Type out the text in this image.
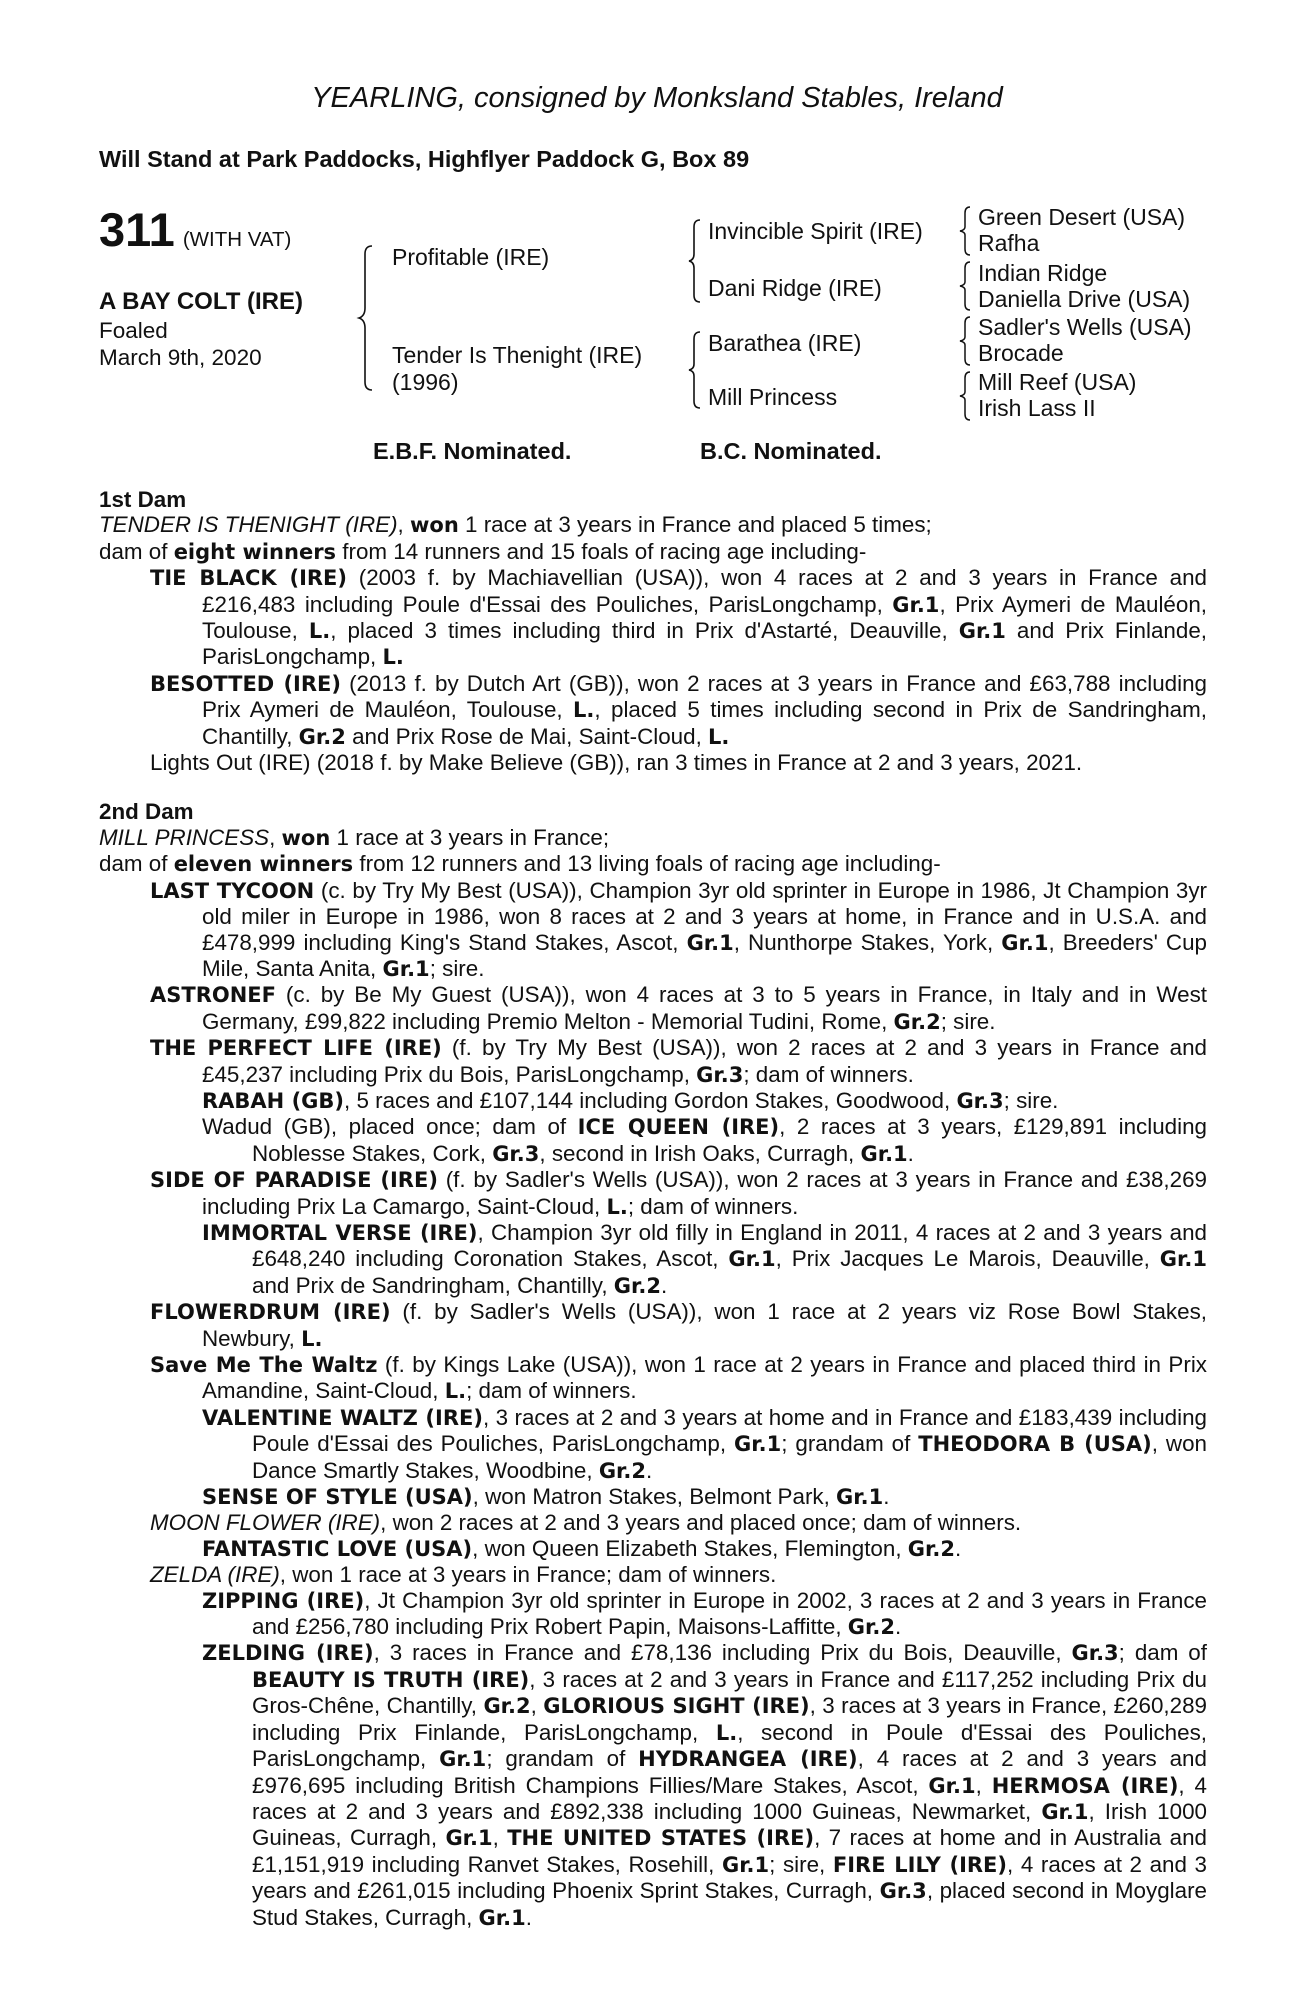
YEARLING, consigned by Monksland Stables, Ireland
Will Stand at Park Paddocks, Highflyer Paddock G, Box 89
311 (WITH VAT)
A BAY COLT (IRE)
Foaled
March 9th, 2020
Profitable (IRE)
Tender Is Thenight (IRE)
(1996)
Invincible Spirit (IRE)
Dani Ridge (IRE)
Barathea (IRE)
Mill Princess
Green Desert (USA)
Rafha
Indian Ridge
Daniella Drive (USA)
Sadler's Wells (USA)
Brocade
Mill Reef (USA)
Irish Lass II
E.B.F. Nominated.	B.C. Nominated.

1st Dam

TENDER IS THENIGHT (IRE), won 1 race at 3 years in France and placed 5 times;

dam of eight winners from 14 runners and 15 foals of racing age including-

TIE BLACK (IRE) (2003 f. by Machiavellian (USA)), won 4 races at 2 and 3 years in France and £216,483 including Poule d'Essai des Pouliches, ParisLongchamp, Gr.1, Prix Aymeri de Mauléon, Toulouse, L., placed 3 times including third in Prix d'Astarté, Deauville, Gr.1 and Prix Finlande, ParisLongchamp, L.

BESOTTED (IRE) (2013 f. by Dutch Art (GB)), won 2 races at 3 years in France and £63,788 including Prix Aymeri de Mauléon, Toulouse, L., placed 5 times including second in Prix de Sandringham, Chantilly, Gr.2 and Prix Rose de Mai, Saint-Cloud, L.

Lights Out (IRE) (2018 f. by Make Believe (GB)), ran 3 times in France at 2 and 3 years, 2021.

2nd Dam

MILL PRINCESS, won 1 race at 3 years in France;

dam of eleven winners from 12 runners and 13 living foals of racing age including-

LAST TYCOON (c. by Try My Best (USA)), Champion 3yr old sprinter in Europe in 1986, Jt Champion 3yr old miler in Europe in 1986, won 8 races at 2 and 3 years at home, in France and in U.S.A. and £478,999 including King's Stand Stakes, Ascot, Gr.1, Nunthorpe Stakes, York, Gr.1, Breeders' Cup Mile, Santa Anita, Gr.1; sire.

ASTRONEF (c. by Be My Guest (USA)), won 4 races at 3 to 5 years in France, in Italy and in West Germany, £99,822 including Premio Melton - Memorial Tudini, Rome, Gr.2; sire.

THE PERFECT LIFE (IRE) (f. by Try My Best (USA)), won 2 races at 2 and 3 years in France and £45,237 including Prix du Bois, ParisLongchamp, Gr.3; dam of winners.

RABAH (GB), 5 races and £107,144 including Gordon Stakes, Goodwood, Gr.3; sire.

Wadud (GB), placed once; dam of ICE QUEEN (IRE), 2 races at 3 years, £129,891 including Noblesse Stakes, Cork, Gr.3, second in Irish Oaks, Curragh, Gr.1.

SIDE OF PARADISE (IRE) (f. by Sadler's Wells (USA)), won 2 races at 3 years in France and £38,269 including Prix La Camargo, Saint-Cloud, L.; dam of winners.

IMMORTAL VERSE (IRE), Champion 3yr old filly in England in 2011, 4 races at 2 and 3 years and £648,240 including Coronation Stakes, Ascot, Gr.1, Prix Jacques Le Marois, Deauville, Gr.1 and Prix de Sandringham, Chantilly, Gr.2.

FLOWERDRUM (IRE) (f. by Sadler's Wells (USA)), won 1 race at 2 years viz Rose Bowl Stakes, Newbury, L.

Save Me The Waltz (f. by Kings Lake (USA)), won 1 race at 2 years in France and placed third in Prix Amandine, Saint-Cloud, L.; dam of winners.

VALENTINE WALTZ (IRE), 3 races at 2 and 3 years at home and in France and £183,439 including Poule d'Essai des Pouliches, ParisLongchamp, Gr.1; grandam of THEODORA B (USA), won Dance Smartly Stakes, Woodbine, Gr.2.

SENSE OF STYLE (USA), won Matron Stakes, Belmont Park, Gr.1.

MOON FLOWER (IRE), won 2 races at 2 and 3 years and placed once; dam of winners.

FANTASTIC LOVE (USA), won Queen Elizabeth Stakes, Flemington, Gr.2.

ZELDA (IRE), won 1 race at 3 years in France; dam of winners.

ZIPPING (IRE), Jt Champion 3yr old sprinter in Europe in 2002, 3 races at 2 and 3 years in France and £256,780 including Prix Robert Papin, Maisons-Laffitte, Gr.2.

ZELDING (IRE), 3 races in France and £78,136 including Prix du Bois, Deauville, Gr.3; dam of BEAUTY IS TRUTH (IRE), 3 races at 2 and 3 years in France and £117,252 including Prix du Gros-Chêne, Chantilly, Gr.2, GLORIOUS SIGHT (IRE), 3 races at 3 years in France, £260,289 including Prix Finlande, ParisLongchamp, L., second in Poule d'Essai des Pouliches, ParisLongchamp, Gr.1; grandam of HYDRANGEA (IRE), 4 races at 2 and 3 years and £976,695 including British Champions Fillies/Mare Stakes, Ascot, Gr.1, HERMOSA (IRE), 4 races at 2 and 3 years and £892,338 including 1000 Guineas, Newmarket, Gr.1, Irish 1000 Guineas, Curragh, Gr.1, THE UNITED STATES (IRE), 7 races at home and in Australia and £1,151,919 including Ranvet Stakes, Rosehill, Gr.1; sire, FIRE LILY (IRE), 4 races at 2 and 3 years and £261,015 including Phoenix Sprint Stakes, Curragh, Gr.3, placed second in Moyglare Stud Stakes, Curragh, Gr.1.
